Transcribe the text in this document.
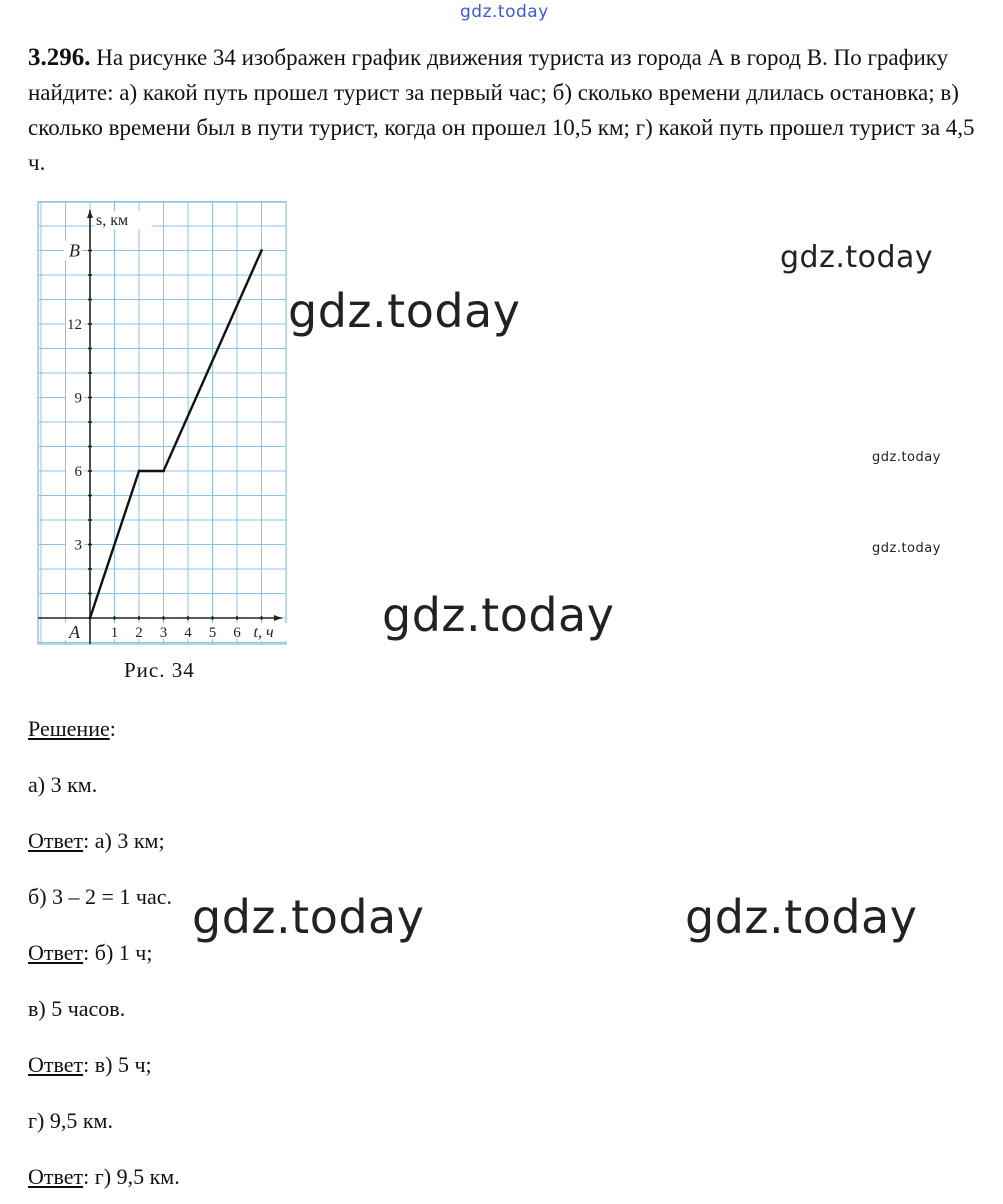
gdz.today
gdz.today
gdz.today
gdz.today
gdz.today
gdz.today
gdz.today	gdz.today

3.296. На рисунке 34 изображен график движения туриста из города А в город В. По графику найдите: а) какой путь прошел турист за первый час; б) сколько времени длилась остановка; в) сколько времени был в пути турист, когда он прошел 10,5 км; г) какой путь прошел турист за 4,5 ч.

1 2 3 4 5 6
3
6
9
12
s, км
t, ч
A
B
Рис. 34

Решение:

а) 3 км.

Ответ: а) 3 км;

б) 3 – 2 = 1 час.

Ответ: б) 1 ч;

в) 5 часов.

Ответ: в) 5 ч;

г) 9,5 км.

Ответ: г) 9,5 км.
